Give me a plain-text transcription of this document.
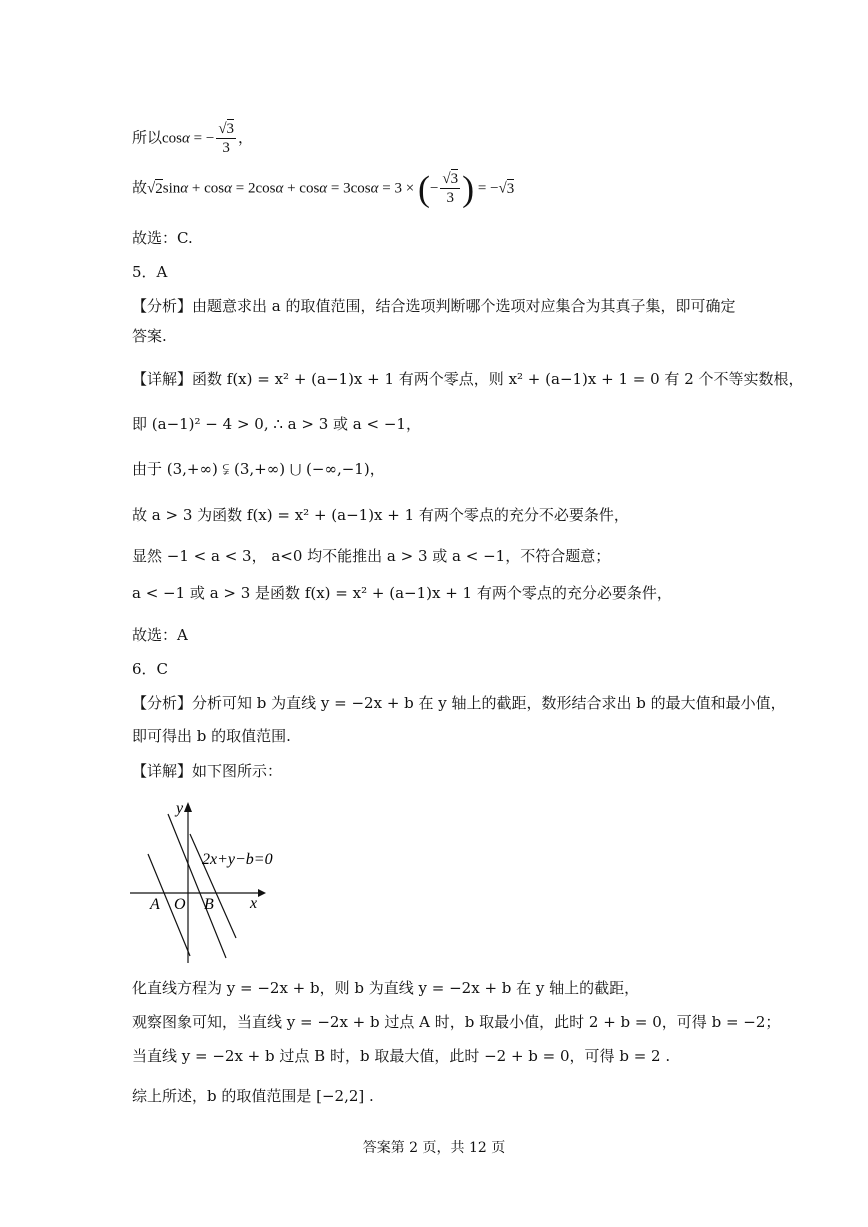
所以cosα = − $\frac{√3}{3}$ ，
故√2sinα + cosα = 2cosα + cosα = 3cosα = 3 × (− $\frac{√3}{3}$ ) = −√3
故选：C.
5．A
【分析】由题意求出 a 的取值范围，结合选项判断哪个选项对应集合为其真子集，即可确定
答案.
【详解】函数 f(x) = x² + (a−1)x + 1 有两个零点，则 x² + (a−1)x + 1 = 0 有 2 个不等实数根，
即 (a−1)² − 4 > 0, ∴ a > 3 或 a < −1，
由于 (3,+∞) ⫋ (3,+∞) ⋃ (−∞,−1)，
故 a > 3 为函数 f(x) = x² + (a−1)x + 1 有两个零点的充分不必要条件，
显然 −1 < a < 3， a<0 均不能推出 a > 3 或 a < −1，不符合题意；
a < −1 或 a > 3 是函数 f(x) = x² + (a−1)x + 1 有两个零点的充分必要条件，
故选：A
6．C
【分析】分析可知 b 为直线 y = −2x + b 在 y 轴上的截距，数形结合求出 b 的最大值和最小值，
即可得出 b 的取值范围.
【详解】如下图所示：
y
x
2x+y−b=0
A O B
化直线方程为 y = −2x + b，则 b 为直线 y = −2x + b 在 y 轴上的截距，
观察图象可知，当直线 y = −2x + b 过点 A 时，b 取最小值，此时 2 + b = 0，可得 b = −2；
当直线 y = −2x + b 过点 B 时，b 取最大值，此时 −2 + b = 0，可得 b = 2 .
综上所述，b 的取值范围是 [−2,2] .
答案第 2 页，共 12 页
